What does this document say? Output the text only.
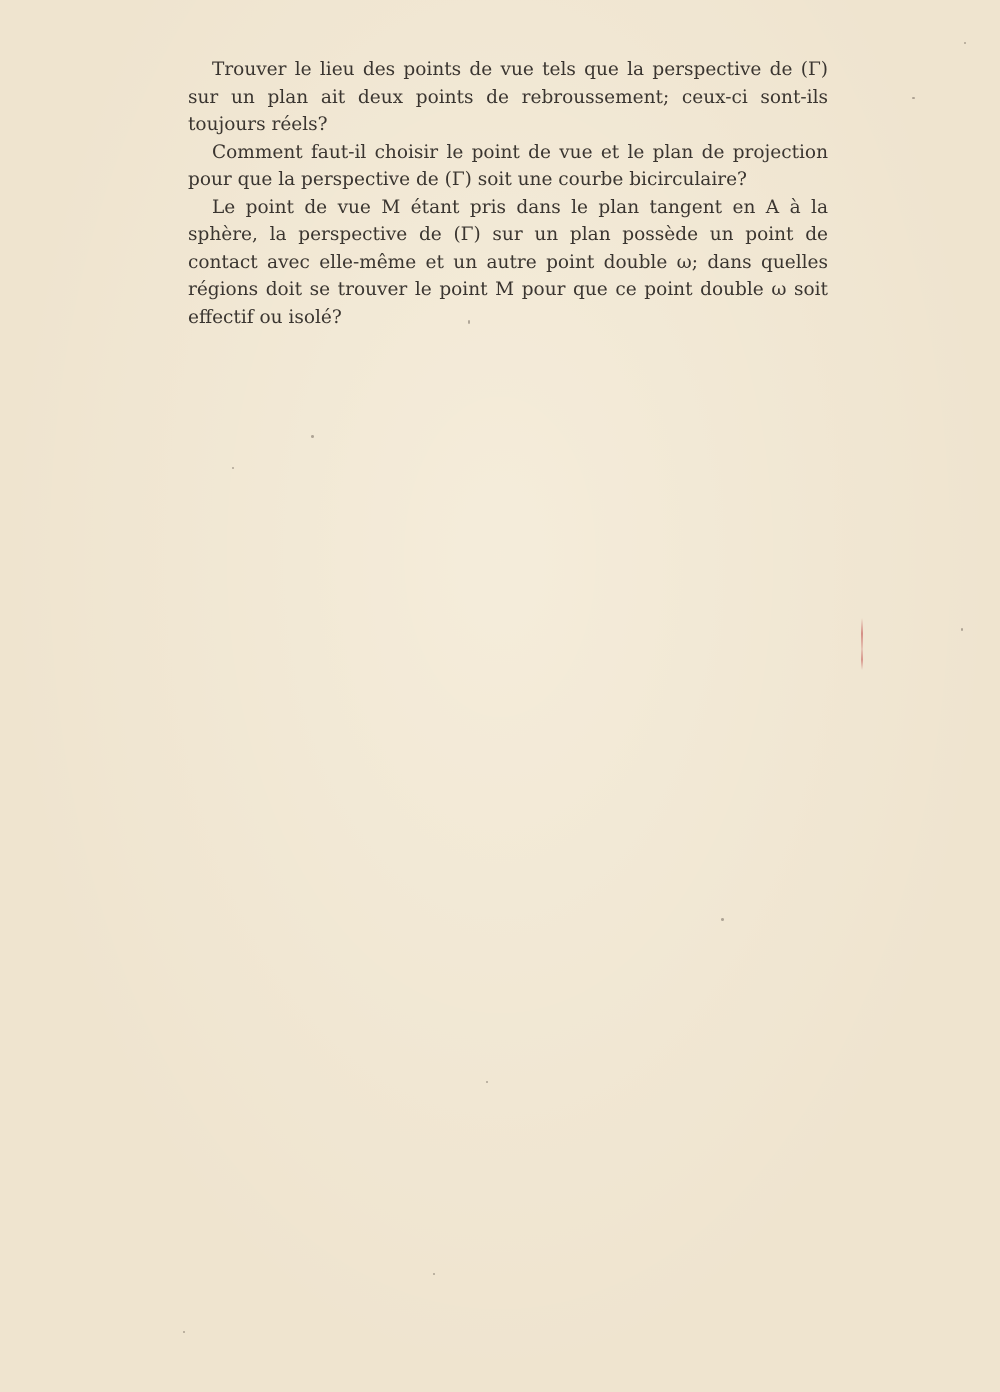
Trouver le lieu des points de vue tels que la perspective de (Γ) sur un plan ait deux points de rebroussement; ceux-ci sont-ils toujours réels?

Comment faut-il choisir le point de vue et le plan de projection pour que la perspective de (Γ) soit une courbe bicirculaire?

Le point de vue M étant pris dans le plan tangent en A à la sphère, la perspective de (Γ) sur un plan possède un point de contact avec elle-même et un autre point double ω; dans quelles régions doit se trouver le point M pour que ce point double ω soit effectif ou isolé?
